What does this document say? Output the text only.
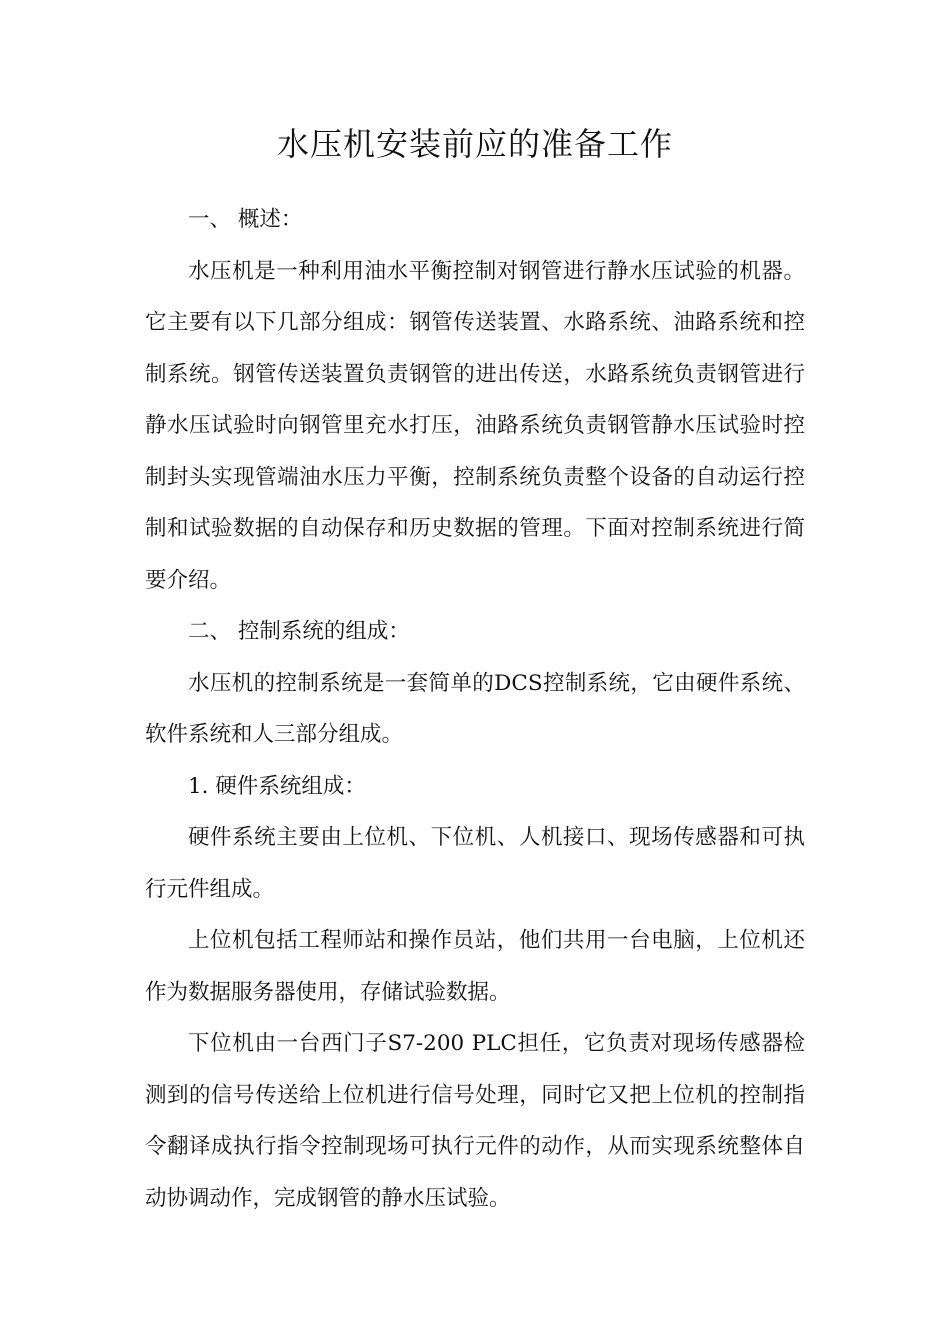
水压机安装前应的准备工作

一、 概述：

水压机是一种利用油水平衡控制对钢管进行静水压试验的机器。它主要有以下几部分组成：钢管传送装置、水路系统、油路系统和控制系统。钢管传送装置负责钢管的进出传送，水路系统负责钢管进行静水压试验时向钢管里充水打压，油路系统负责钢管静水压试验时控制封头实现管端油水压力平衡，控制系统负责整个设备的自动运行控制和试验数据的自动保存和历史数据的管理。下面对控制系统进行简要介绍。

二、 控制系统的组成：

水压机的控制系统是一套简单的DCS控制系统，它由硬件系统、软件系统和人三部分组成。

1. 硬件系统组成：

硬件系统主要由上位机、下位机、人机接口、现场传感器和可执行元件组成。

上位机包括工程师站和操作员站，他们共用一台电脑，上位机还作为数据服务器使用，存储试验数据。

下位机由一台西门子S7-200 PLC担任，它负责对现场传感器检测到的信号传送给上位机进行信号处理，同时它又把上位机的控制指令翻译成执行指令控制现场可执行元件的动作，从而实现系统整体自动协调动作，完成钢管的静水压试验。
